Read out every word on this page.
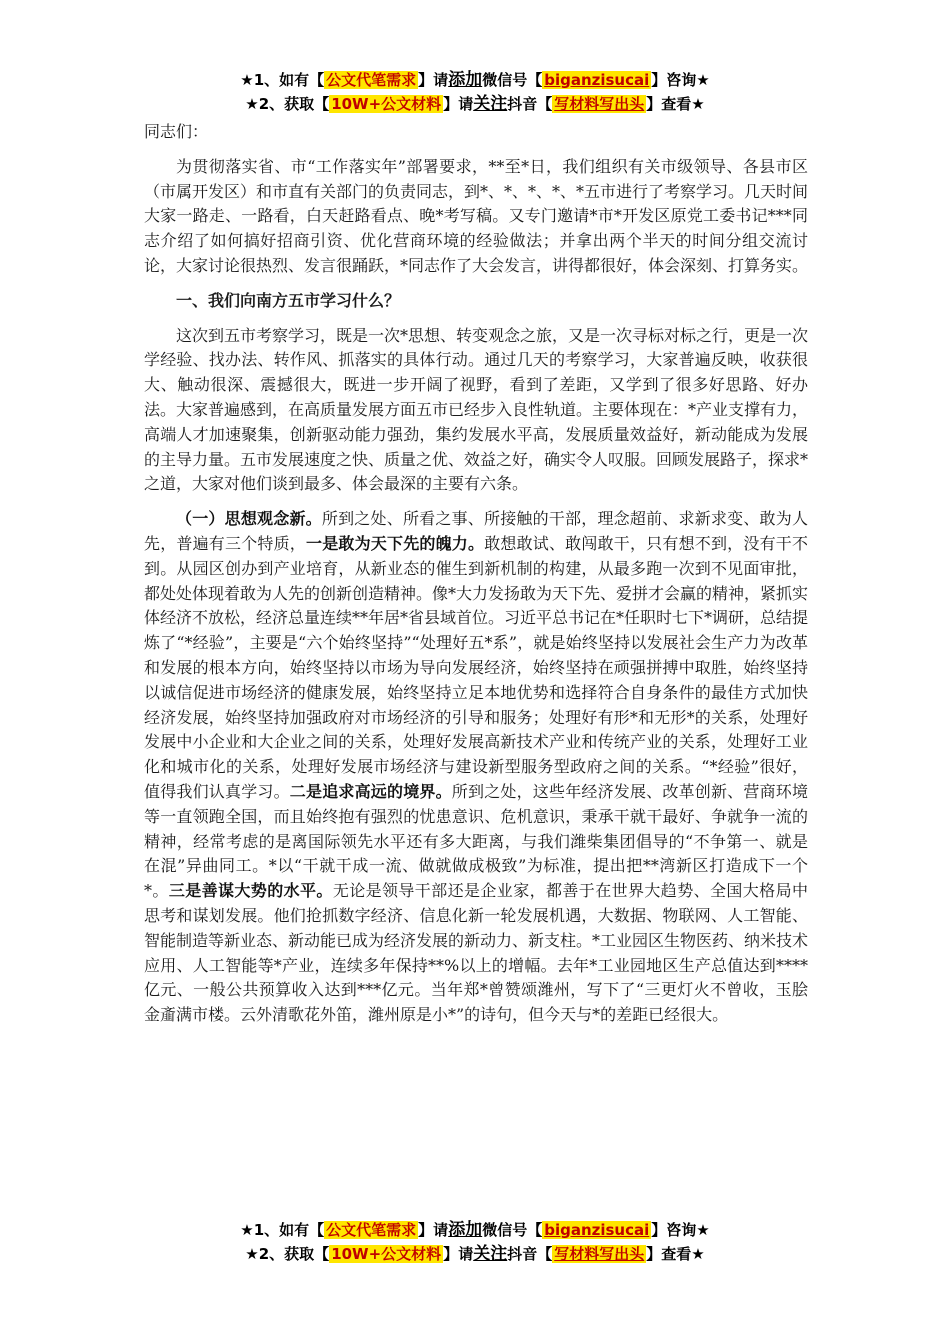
★1、如有【 公文代笔需求 】请添加微信号【 biganzisucai 】咨询★
★2、获取【 10W+公文材料 】请关注抖音【 写材料写出头 】查看★

同志们：

为贯彻落实省、市“工作落实年”部署要求，**至*日，我们组织有关市级领导、各县市区（市属开发区）和市直有关部门的负责同志，到*、*、*、*、*五市进行了考察学习。几天时间大家一路走、一路看，白天赶路看点、晚*考写稿。又专门邀请*市*开发区原党工委书记***同志介绍了如何搞好招商引资、优化营商环境的经验做法；并拿出两个半天的时间分组交流讨论，大家讨论很热烈、发言很踊跃，*同志作了大会发言，讲得都很好，体会深刻、打算务实。

一、我们向南方五市学习什么？

这次到五市考察学习，既是一次*思想、转变观念之旅，又是一次寻标对标之行，更是一次学经验、找办法、转作风、抓落实的具体行动。通过几天的考察学习，大家普遍反映，收获很大、触动很深、震撼很大，既进一步开阔了视野，看到了差距，又学到了很多好思路、好办法。大家普遍感到，在高质量发展方面五市已经步入良性轨道。主要体现在：*产业支撑有力，高端人才加速聚集，创新驱动能力强劲，集约发展水平高，发展质量效益好，新动能成为发展的主导力量。五市发展速度之快、质量之优、效益之好，确实令人叹服。回顾发展路子，探求*之道，大家对他们谈到最多、体会最深的主要有六条。

（一）思想观念新。所到之处、所看之事、所接触的干部，理念超前、求新求变、敢为人先，普遍有三个特质，一是敢为天下先的魄力。敢想敢试、敢闯敢干，只有想不到，没有干不到。从园区创办到产业培育，从新业态的催生到新机制的构建，从最多跑一次到不见面审批，都处处体现着敢为人先的创新创造精神。像*大力发扬敢为天下先、爱拼才会赢的精神，紧抓实体经济不放松，经济总量连续**年居*省县域首位。习近平总书记在*任职时七下*调研，总结提炼了“*经验”，主要是“六个始终坚持”“处理好五*系”，就是始终坚持以发展社会生产力为改革和发展的根本方向，始终坚持以市场为导向发展经济，始终坚持在顽强拼搏中取胜，始终坚持以诚信促进市场经济的健康发展，始终坚持立足本地优势和选择符合自身条件的最佳方式加快经济发展，始终坚持加强政府对市场经济的引导和服务；处理好有形*和无形*的关系，处理好发展中小企业和大企业之间的关系，处理好发展高新技术产业和传统产业的关系，处理好工业化和城市化的关系，处理好发展市场经济与建设新型服务型政府之间的关系。“*经验”很好，值得我们认真学习。二是追求高远的境界。所到之处，这些年经济发展、改革创新、营商环境等一直领跑全国，而且始终抱有强烈的忧患意识、危机意识，秉承干就干最好、争就争一流的精神，经常考虑的是离国际领先水平还有多大距离，与我们潍柴集团倡导的“不争第一、就是在混”异曲同工。*以“干就干成一流、做就做成极致”为标准，提出把**湾新区打造成下一个*。三是善谋大势的水平。无论是领导干部还是企业家，都善于在世界大趋势、全国大格局中思考和谋划发展。他们抢抓数字经济、信息化新一轮发展机遇，大数据、物联网、人工智能、智能制造等新业态、新动能已成为经济发展的新动力、新支柱。*工业园区生物医药、纳米技术应用、人工智能等*产业，连续多年保持**%以上的增幅。去年*工业园地区生产总值达到****亿元、一般公共预算收入达到***亿元。当年郑*曾赞颂潍州，写下了“三更灯火不曾收，玉脍金齑满市楼。云外清歌花外笛，潍州原是小*”的诗句，但今天与*的差距已经很大。

★1、如有【 公文代笔需求 】请添加微信号【 biganzisucai 】咨询★
★2、获取【 10W+公文材料 】请关注抖音【 写材料写出头 】查看★
